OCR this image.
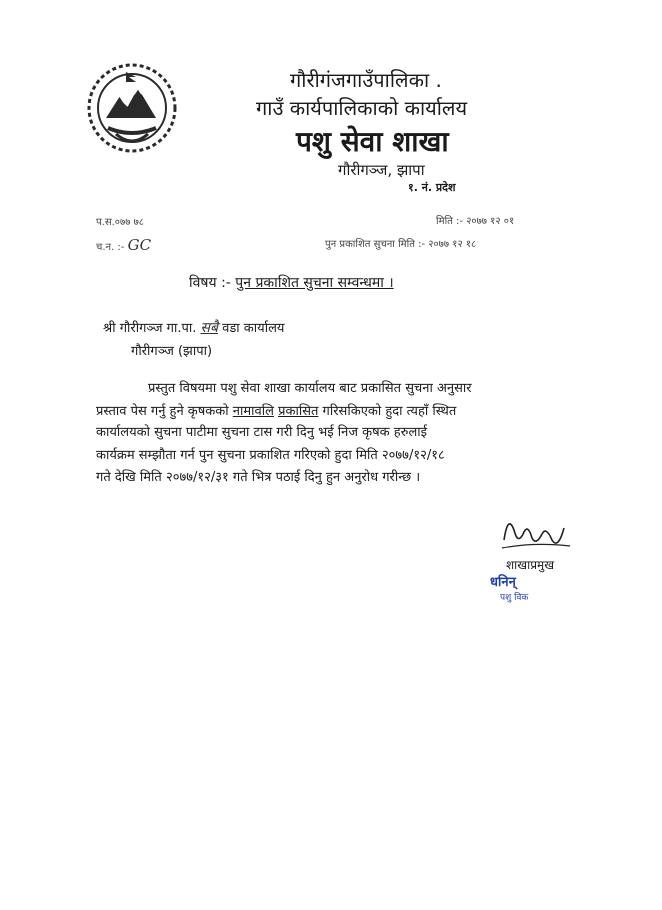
गौरीगंजगाउँपालिका .
गाउँ कार्यपालिकाको कार्यालय
पशु सेवा शाखा
गौरीगञ्ज, झापा
१. नं. प्रदेश
प.स.०७७ ७८
च.न. :- GC
मिति :- २०७७ १२ ०१
पुन प्रकाशित सुचना मिति :- २०७७ १२ १८
विषय :- पुन प्रकाशित सुचना सम्वन्धमा ।
श्री गौरीगञ्ज गा.पा. सबै वडा कार्यालय
गौरीगञ्ज (झापा)
प्रस्तुत विषयमा पशु सेवा शाखा कार्यालय बाट प्रकासित सुचना अनुसार
प्रस्ताव पेस गर्नु हुने कृषकको नामावलि प्रकासित गरिसकिएको हुदा त्यहाँ स्थित
कार्यालयको सुचना पाटीमा सुचना टास गरी दिनु भई निज कृषक हरुलाई
कार्यक्रम सम्झौता गर्न पुन सुचना प्रकाशित गरिएको हुदा मिति २०७७/१२/१८
गते देखि मिति २०७७/१२/३१ गते भित्र पठाई दिनु हुन अनुरोध गरीन्छ ।
शाखाप्रमुख
धनिन्
पशु विक
